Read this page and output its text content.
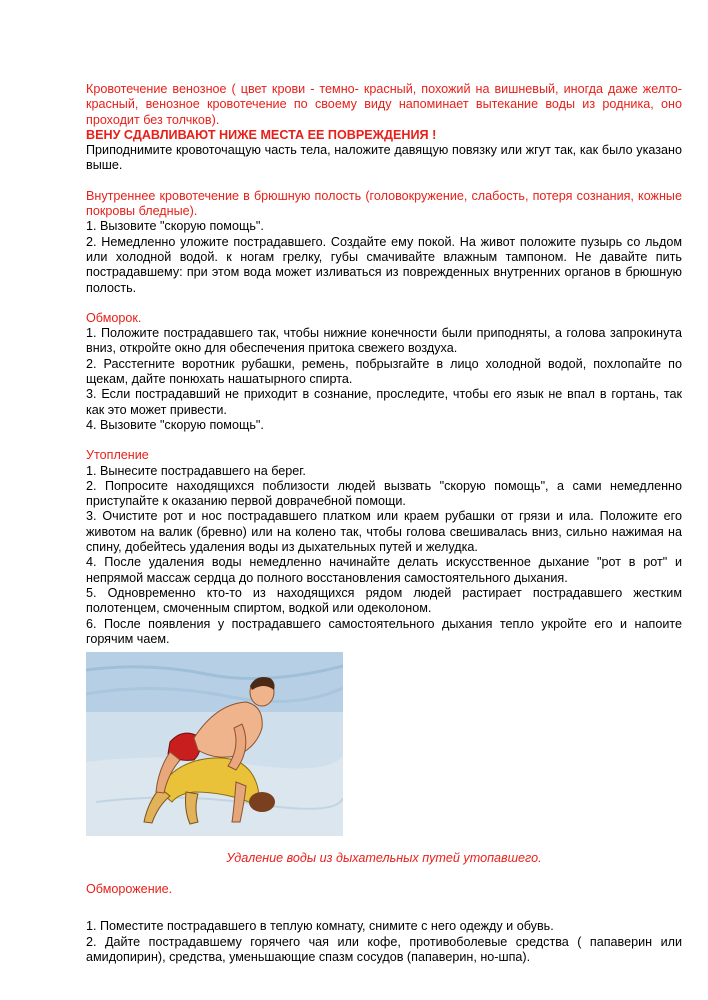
Кровотечение венозное ( цвет крови - темно- красный, похожий на вишневый, иногда даже желто-красный, венозное кровотечение по своему виду напоминает вытекание воды из родника, оно проходит без толчков).

ВЕНУ СДАВЛИВАЮТ НИЖЕ МЕСТА ЕЕ ПОВРЕЖДЕНИЯ !

Приподнимите кровоточащую часть тела, наложите давящую повязку или жгут так, как было указано выше.

Внутреннее кровотечение в брюшную полость (головокружение, слабость, потеря сознания, кожные покровы бледные).

1. Вызовите "скорую помощь".

2. Немедленно уложите пострадавшего. Создайте ему покой. На живот положите пузырь со льдом или холодной водой. к ногам грелку, губы смачивайте влажным тампоном. Не давайте пить пострадавшему: при этом вода может изливаться из поврежденных внутренних органов в брюшную полость.

Обморок.

1. Положите пострадавшего так, чтобы нижние конечности были приподняты, а голова запрокинута вниз, откройте окно для обеспечения притока свежего воздуха.

2. Расстегните воротник рубашки, ремень, побрызгайте в лицо холодной водой, похлопайте по щекам, дайте понюхать нашатырного спирта.

3. Если пострадавший не приходит в сознание, проследите, чтобы его язык не впал в гортань, так как это может привести.

4. Вызовите "скорую помощь".

Утопление

1. Вынесите пострадавшего на берег.

2. Попросите находящихся поблизости людей вызвать "скорую помощь", а сами немедленно приступайте к оказанию первой доврачебной помощи.

3. Очистите рот и нос пострадавшего платком или краем рубашки от грязи и ила. Положите его животом на валик (бревно) или на колено так, чтобы голова свешивалась вниз, сильно нажимая на спину, добейтесь удаления воды из дыхательных путей и желудка.

4. После удаления воды немедленно начинайте делать искусственное дыхание "рот в рот" и непрямой массаж сердца до полного восстановления самостоятельного дыхания.

5. Одновременно кто-то из находящихся рядом людей растирает пострадавшего жестким полотенцем, смоченным спиртом, водкой или одеколоном.

6. После появления у пострадавшего самостоятельного дыхания тепло укройте его и напоите горячим чаем.

Удаление воды из дыхательных путей утопавшего.

Обморожение.

1. Поместите пострадавшего в теплую комнату, снимите с него одежду и обувь.

2. Дайте пострадавшему горячего чая или кофе, противоболевые средства ( папаверин или амидопирин), средства, уменьшающие спазм сосудов (папаверин, но-шпа).
